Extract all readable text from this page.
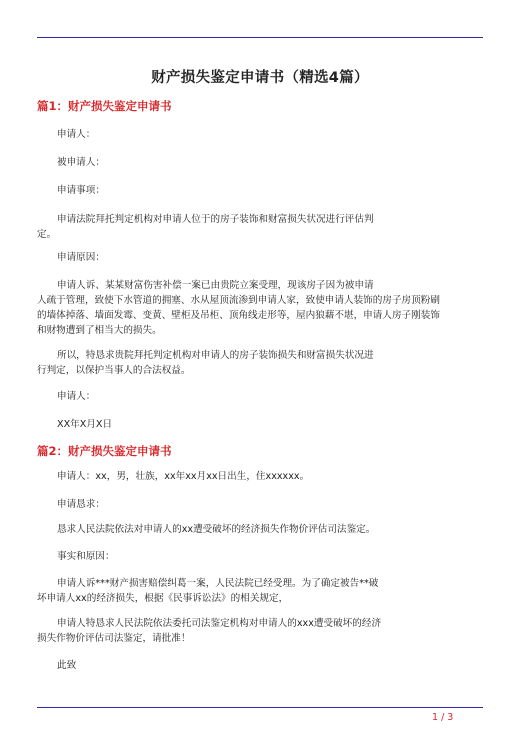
财产损失鉴定申请书（精选4篇）
篇1：财产损失鉴定申请书
申请人：
被申请人：
申请事项：
申请法院拜托判定机构对申请人位于的房子装饰和财富损失状况进行评估判
定。
申请原因：
申请人诉、某某财富伤害补偿一案已由贵院立案受理，现该房子因为被申请
人疏于管理，致使下水管道的拥塞、水从屋顶流渗到申请人家，致使申请人装饰的房子房顶粉刷
的墙体掉落、墙面发霉、变黄、壁柜及吊柜、顶角线走形等，屋内狼藉不堪，申请人房子刚装饰
和财物遭到了相当大的损失。
所以，特恳求贵院拜托判定机构对申请人的房子装饰损失和财富损失状况进
行判定，以保护当事人的合法权益。
申请人：
XX年X月X日
篇2：财产损失鉴定申请书
申请人：xx，男，壮族，xx年xx月xx日出生，住xxxxxx。
申请恳求：
恳求人民法院依法对申请人的xx遭受破坏的经济损失作物价评估司法鉴定。
事实和原因：
申请人诉***财产损害赔偿纠葛一案，人民法院已经受理。为了确定被告**破
坏申请人xx的经济损失，根据《民事诉讼法》的相关规定，
申请人特恳求人民法院依法委托司法鉴定机构对申请人的xxx遭受破坏的经济
损失作物价评估司法鉴定，请批准！
此致
1 / 3
